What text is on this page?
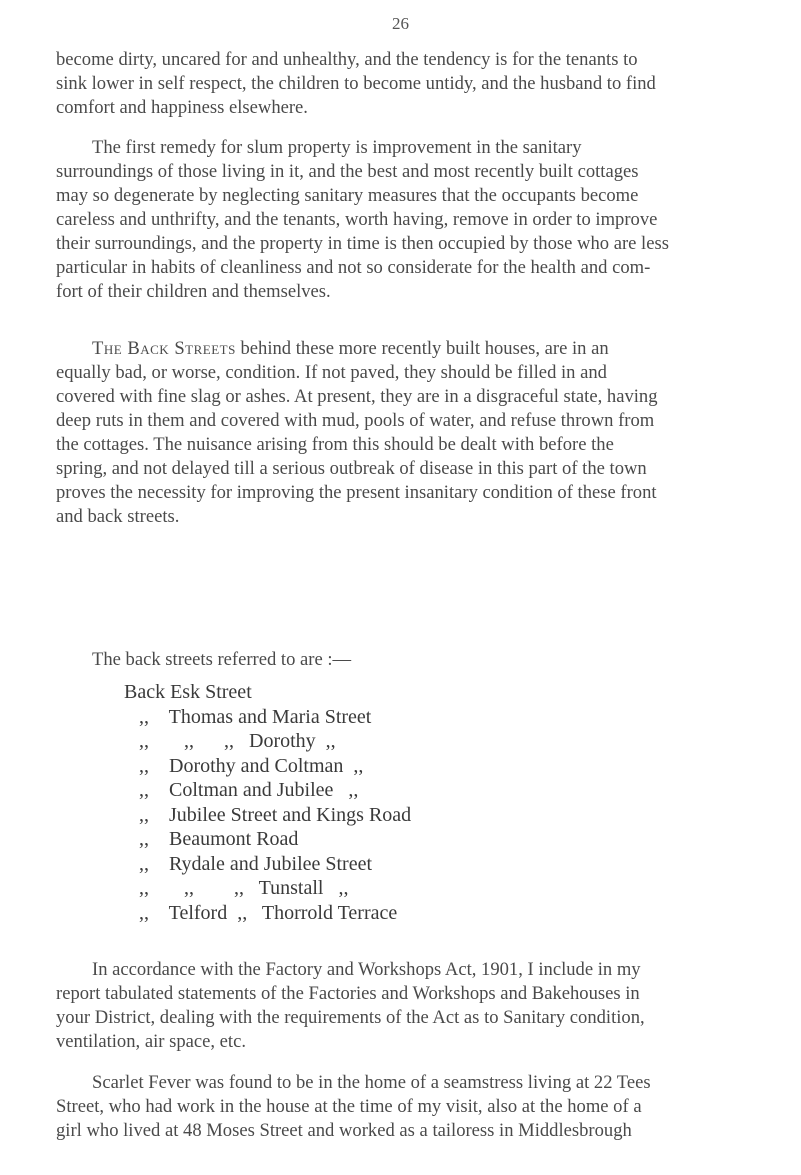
26

become dirty, uncared for and unhealthy, and the tendency is for the tenants to
sink lower in self respect, the children to become untidy, and the husband to find
comfort and happiness elsewhere.

The first remedy for slum property is improvement in the sanitary
surroundings of those living in it, and the best and most recently built cottages
may so degenerate by neglecting sanitary measures that the occupants become
careless and unthrifty, and the tenants, worth having, remove in order to improve
their surroundings, and the property in time is then occupied by those who are less
particular in habits of cleanliness and not so considerate for the health and com-
fort of their children and themselves.

The Back Streets behind these more recently built houses, are in an
equally bad, or worse, condition. If not paved, they should be filled in and
covered with fine slag or ashes. At present, they are in a disgraceful state, having
deep ruts in them and covered with mud, pools of water, and refuse thrown from
the cottages. The nuisance arising from this should be dealt with before the
spring, and not delayed till a serious outbreak of disease in this part of the town
proves the necessity for improving the present insanitary condition of these front
and back streets.

The back streets referred to are :—

Back Esk Street
,,    Thomas and Maria Street
,,       ,,      ,,   Dorothy  ,,
,,    Dorothy and Coltman  ,,
,,    Coltman and Jubilee   ,,
,,    Jubilee Street and Kings Road
,,    Beaumont Road
,,    Rydale and Jubilee Street
,,       ,,        ,,   Tunstall   ,,
,,    Telford  ,,   Thorrold Terrace

In accordance with the Factory and Workshops Act, 1901, I include in my
report tabulated statements of the Factories and Workshops and Bakehouses in
your District, dealing with the requirements of the Act as to Sanitary condition,
ventilation, air space, etc.

Scarlet Fever was found to be in the home of a seamstress living at 22 Tees
Street, who had work in the house at the time of my visit, also at the home of a
girl who lived at 48 Moses Street and worked as a tailoress in Middlesbrough
